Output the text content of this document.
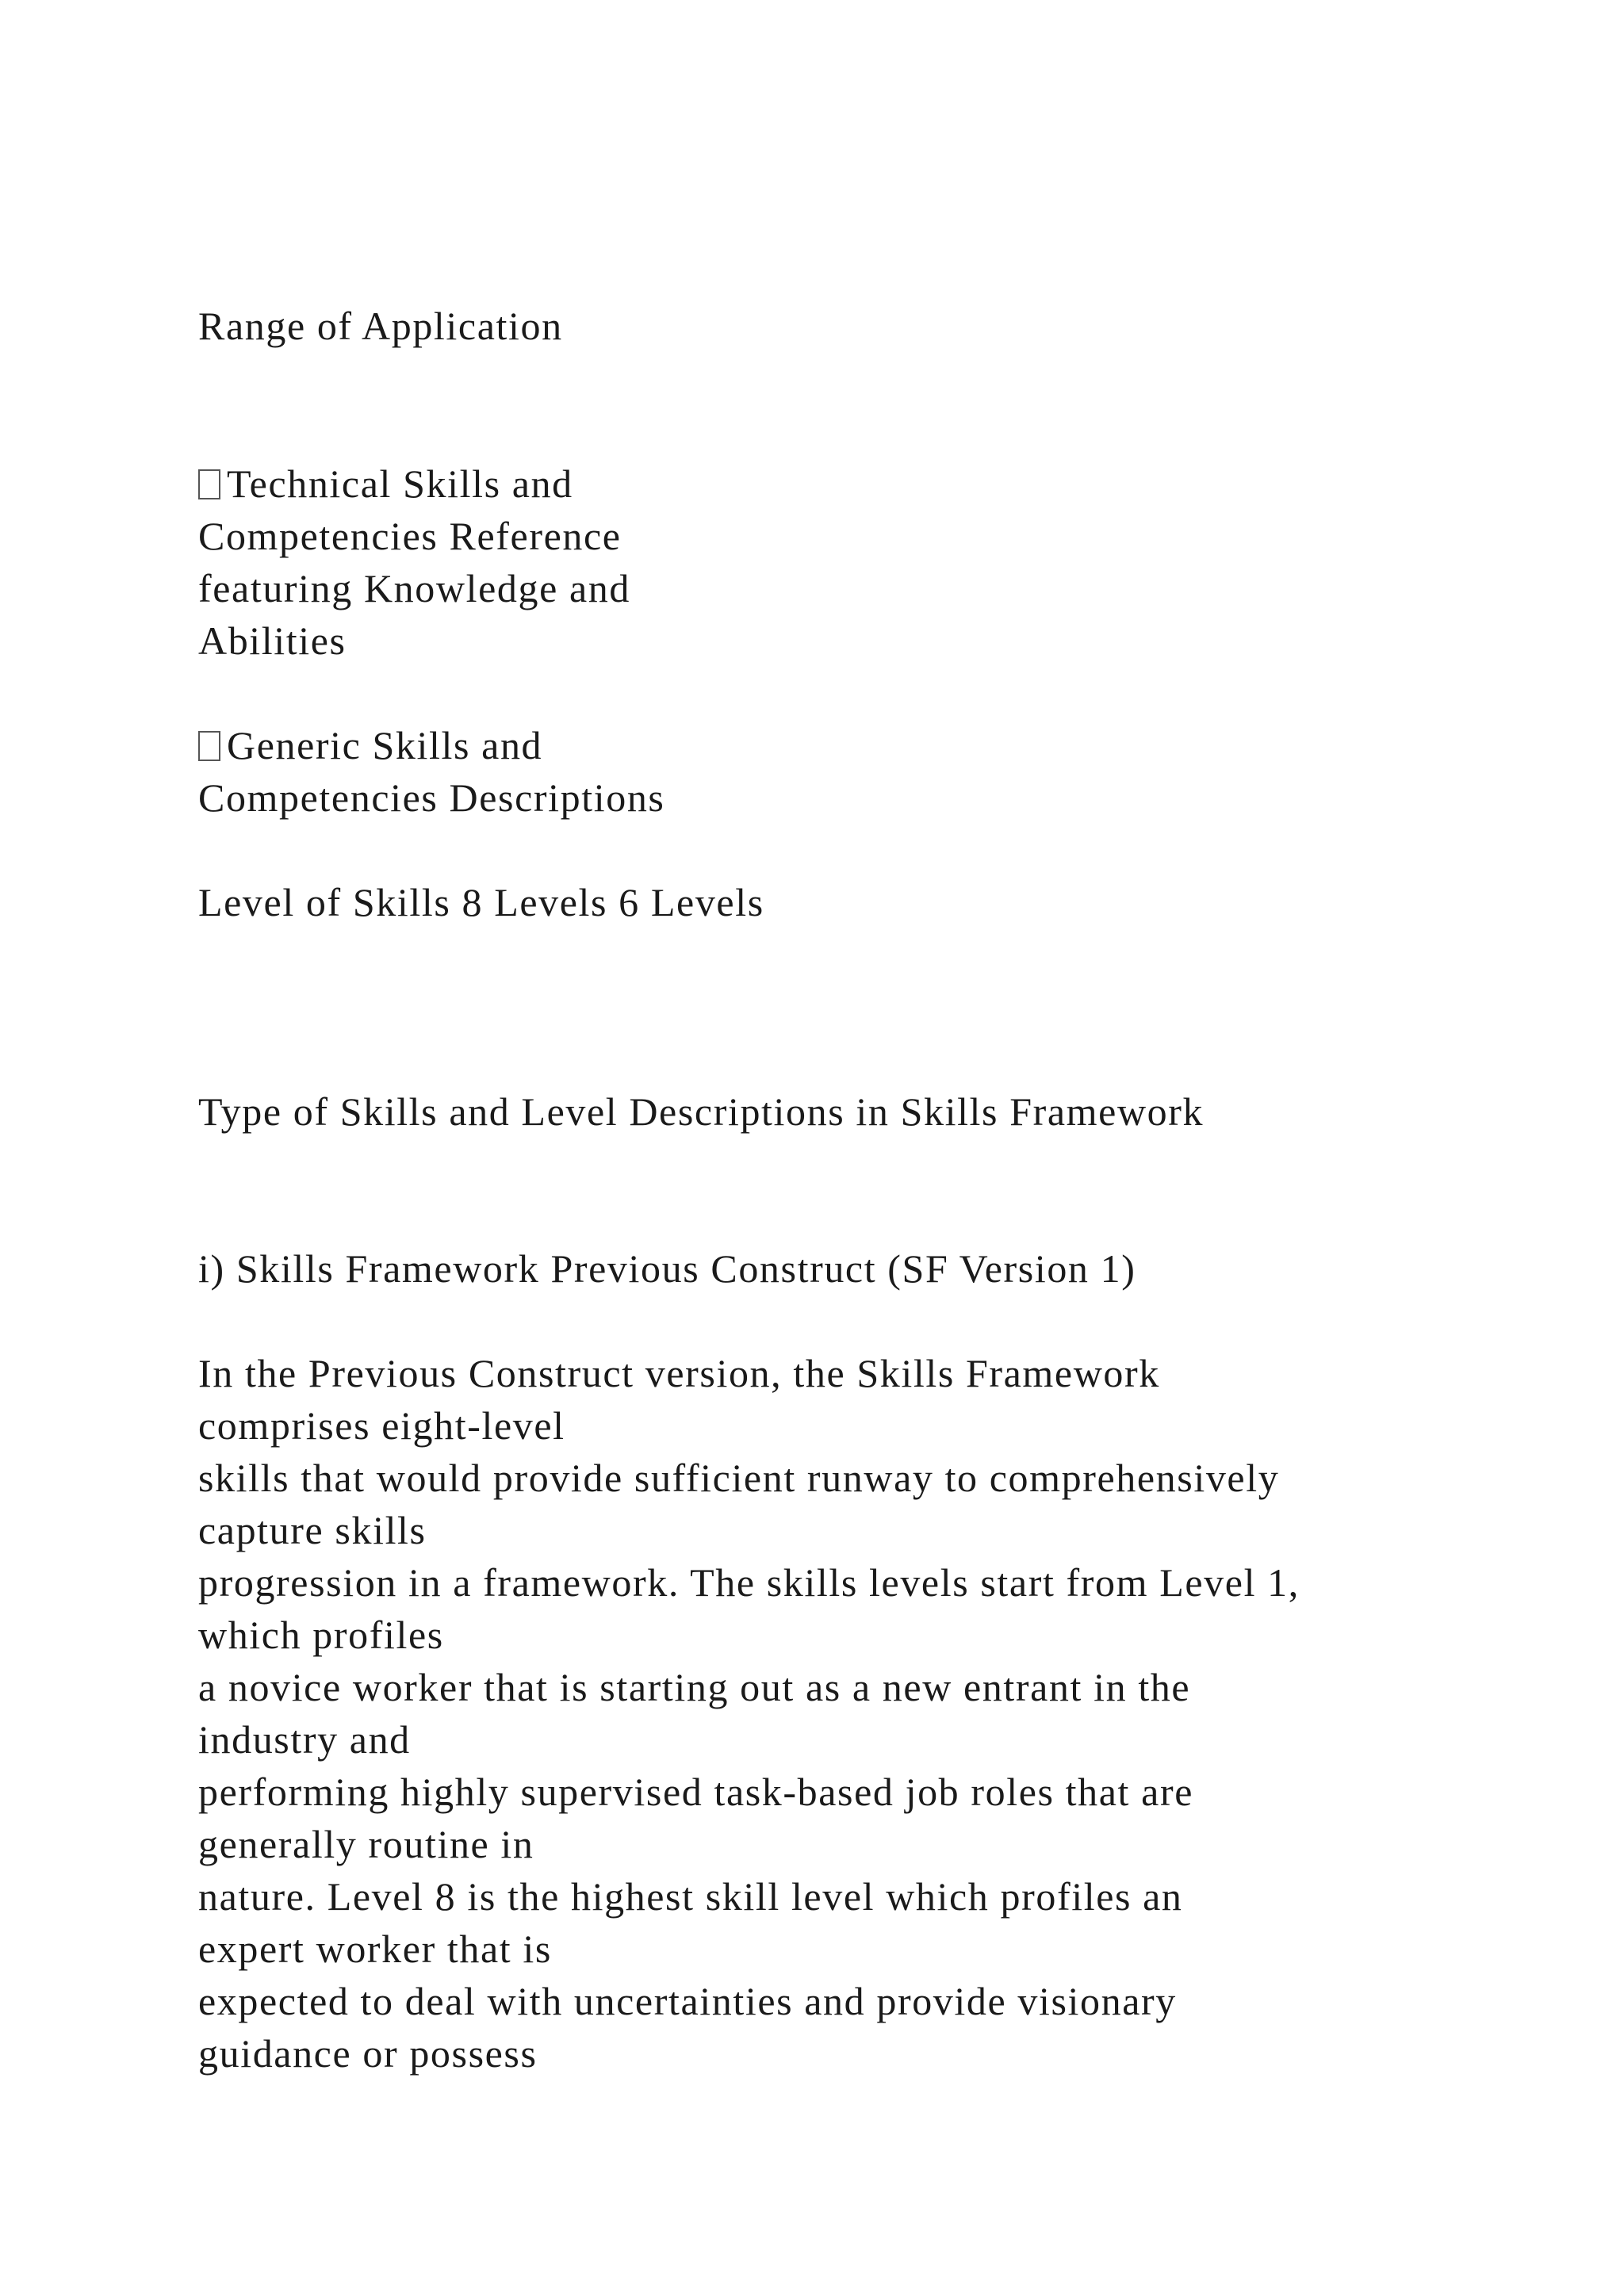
Range of Application
Technical Skills and
Competencies Reference
featuring Knowledge and
Abilities
Generic Skills and
Competencies Descriptions
Level of Skills 8 Levels 6 Levels
Type of Skills and Level Descriptions in Skills Framework
i) Skills Framework Previous Construct (SF Version 1)
In the Previous Construct version, the Skills Framework
comprises eight-level
skills that would provide sufficient runway to comprehensively
capture skills
progression in a framework. The skills levels start from Level 1,
which profiles
a novice worker that is starting out as a new entrant in the
industry and
performing highly supervised task-based job roles that are
generally routine in
nature. Level 8 is the highest skill level which profiles an
expert worker that is
expected to deal with uncertainties and provide visionary
guidance or possess
